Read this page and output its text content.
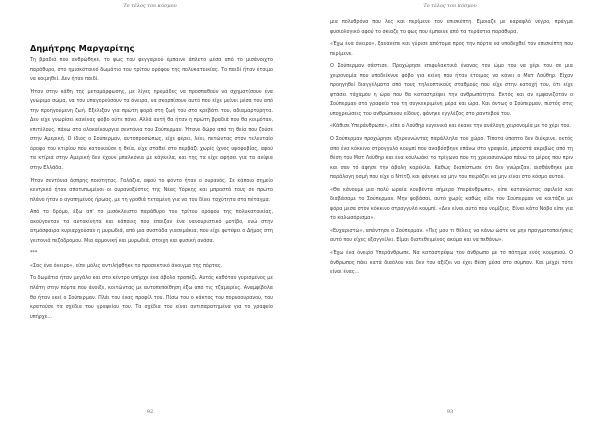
Το τέλος του κόσμου
Δημήτρης Μαργαρίτης

Τη βραδιά που ανθρώθηκε, το φως του φεγγαριού έμπαινε άπλετο μέσα από το μισάνοιχτο παράθυρο, στο ημισκόταινό δωμάτιο του τρίτου ορόφου της πολυκατοικίας. Το παιδί ήταν έτοιμο να κοιμηθεί. Δεν ήταν παιδί.

Ήταν στην κάθη της μεταμόρφωσης, με λίγες ηρεμάδες να προσπαθούν να σχηματίσουν ένα γνώριμο σώμα, να του υπαγορεύσουν τα όνειρα, να σκορπίσουν αυτό που είχε μείνει μέσα του από την προηγούμενη ζωή. Εξέλιξαν για πρώτη φορά στη ζωή του στο κρεβάτι του, αδιαμαρτύρητα. Δεν είχε γνωρίσει κανένας φόβο ούτε πόνο. Αλλά αυτή θα ήταν η πρώτη βραδιά που θα κοιμόταν, επιτέλους, πάνω στο ολοκαίνουργια σεντόνια του Σούπερμαν. Ήτανε δώρο από τη θεία που ζούσε στην Αμερική. Ο ίδιος ο Σούπερμαν, αυτοπροσώπως, είχε φέρει, λέει, πετώντας στον τελευταίο όροφο του κτιρίου που κατοικούσε η θεία, είχε σταθεί στο περβάζι χωρίς ίχνος υψοφοβίας, αφού τα κτίρια στην Αμερική δεν έχουν μπαλκόνια με κάγκελα, και της τα είχε αφήσει για τα ανίψια στην Ελλάδα.

Ήταν σεντόνια άσπρης ποιότητας. Γαλάζια, αφού το φόντο ήταν ο ουρανός. Σε κάποιο σημείο κεντρικό ήταν αποτυπωμένοι οι ουρανοξύστες της Νέας Υόρκης και μπροστά τους σε πρώτο πλάνο ήταν ο αγαπημένος ήρωας, με τη γροθιά τεταμένη για να του δίνει ταχύτητα στο πέταγμα.

Από το δρόμο, έξω απ' το μισόκλειστο παράθυρο του τρίτου ορόφου της πολυκατοικίας, ακούγονταν τα αυτοκίνητα και κάποιες που έπαιζαν ένα νανουριστικό μοτίβο, ενώ στην ατμόσφαιρα κυριαρχούσαν η μυρωδιά, από μια συστάδα γιασεμάκια, που είχε φυτέψει ο Δήμος στη γειτονιά πεζόδρομου. Μια αρμονική και μυρωδιά, στοιχη και φυσική ανάσα.

***

«Σας ένα όνειρο», είπε μόλις αντιλήφθηκε το προσεκτικό άνοιγμα της πόρτας.

Το δωμάτιο ήταν μεγάλο και στο κέντρο υπήρχε ένα άβολο τραπέζι. Αυτός καθόταν γυρισμένος με πλάτη στην πόρτα που άνοιξε, κοιτώντας με αυτοπεποίθηση έξω από τις τζαμαρίες. Αναμφίβολα θα ήταν εκεί ο Σούπερμαν. Πλάι του ένας προφίλ του. Πίσω του ο κάκτος του πορνοουρανού, του κρατούσε τα σχέδια του γραφείου του. Τα σχέδια του είναι αντιπαρατημένα για το γραφείο υπήρχε...

92
Το τέλος του κόσμου

μια πολυθρόνα που λες και περίμενε τον επισκέπτη. Εμοιαζε με καραφλό νέγρο, πράγμα φυσιολογικό αφού το σκιαζε το φως που έμπαινε από τα τεράστια παράθυρα.

«Έχω ένα όνειρο», ξανανέπε και γύρισε απότομα προς την πόρτα να υποδεχθεί τον επισκέπτη που περίμενε.

Ο Σούπερμαν σάστισε. Προχώρησε επιφυλακτικά ένανας τον ώμο του να χέρι του σε μια χειρονομία που υποδείκνυε φόβο για κείνη που ήταν έτοιμος να κάνει ο Ματ Λούθηρ. Είχαν προηγηθεί διαγγέλματα από τους τηλεοπτικούς σταθμούς που είχε στην κατοχή του, ότι είχε φτάσει τάχαμου η ώρα που θα καταστρέψει την ανθρωπότητα. Εκτός και αν εμφανιζόταν ο Σούπερμαν στο γραφείο του τη συγκεκριμένη μέρα και ώρα. Και όντως ο Σούπερμαν, πιστός στις υποχρεώσεις του ανθρώπινου είδους, φάνηκε εγγλέζος στο ραντεβού του.

«Κάθισε Υπεράνθρωπε», είπε ο Λούθηρ ευγενικά και έκανε την ανάλογη χειρονομία με το χέρι του.

Ο Σούπερμαν προχώρησε εξερευνώντας παράλληλα τον χώρο. Τίποτα ύποπτο δεν διέκρινε, εκτός από ένα κόκκινο στρογγυλό κουμπί που αναβόσβηνε επάνω στο γραφείο, μπροστά ακριβώς από τη θέση του Ματ Λούθηρ και ένα κουλωάκι το τρίγωνο που τη χρειασιανώρο πάνω το μέρος που πριν και σαν τό άφησε την άβολη καρέκλα. Καθώς διαπίστωσε ότι δεν γνώριζαν, αισθάνθηκε μια παράλογη οσμή που είχε ο Ντίτζι και φάνηκε να μην του πειράζει να μην είναι στο κόσμο αυτού.

«Θα κάνουμε μια πολύ ωραία κουβέντα σήμερα Υπεράνθρωπε», είπε κατανώντας αφιλείσ και διαβάσαμε το Σούπερμαν. Μην φοβάσαι, αυτό χωρίς καθώς είδε τον Σούπερμαν να κοιτάζει με φόρα μεσα στον κόκκινο στρογγυλό κουμπί. «Δεν είναι αυτό που νομίζεις. Είναι κάτο Νόβο είπε για το καλωσόρισμα».

«Ευχαριστώ», απάντησε ο Σούπερμαν. «Πες μου τι θέλεις να κάνω ώστε να μην πραγματοποιήσεις αυτό που είχες εξαγγείλει. Είμαι διατεθειμένος ακόμα και να πεθάνω».

«Έχω ένα όνειρο Υπεράνθρωπε. Να καταστρέψω τον άνθρωπο με το πάτημα ενός κουμπιού. Ο άνθρωπος πάει κατά διαόλου και δεν του αξίζει να έχει θέση μέσα στο σύμπαν. Και μέχρι τότε είναι ένας...

93
